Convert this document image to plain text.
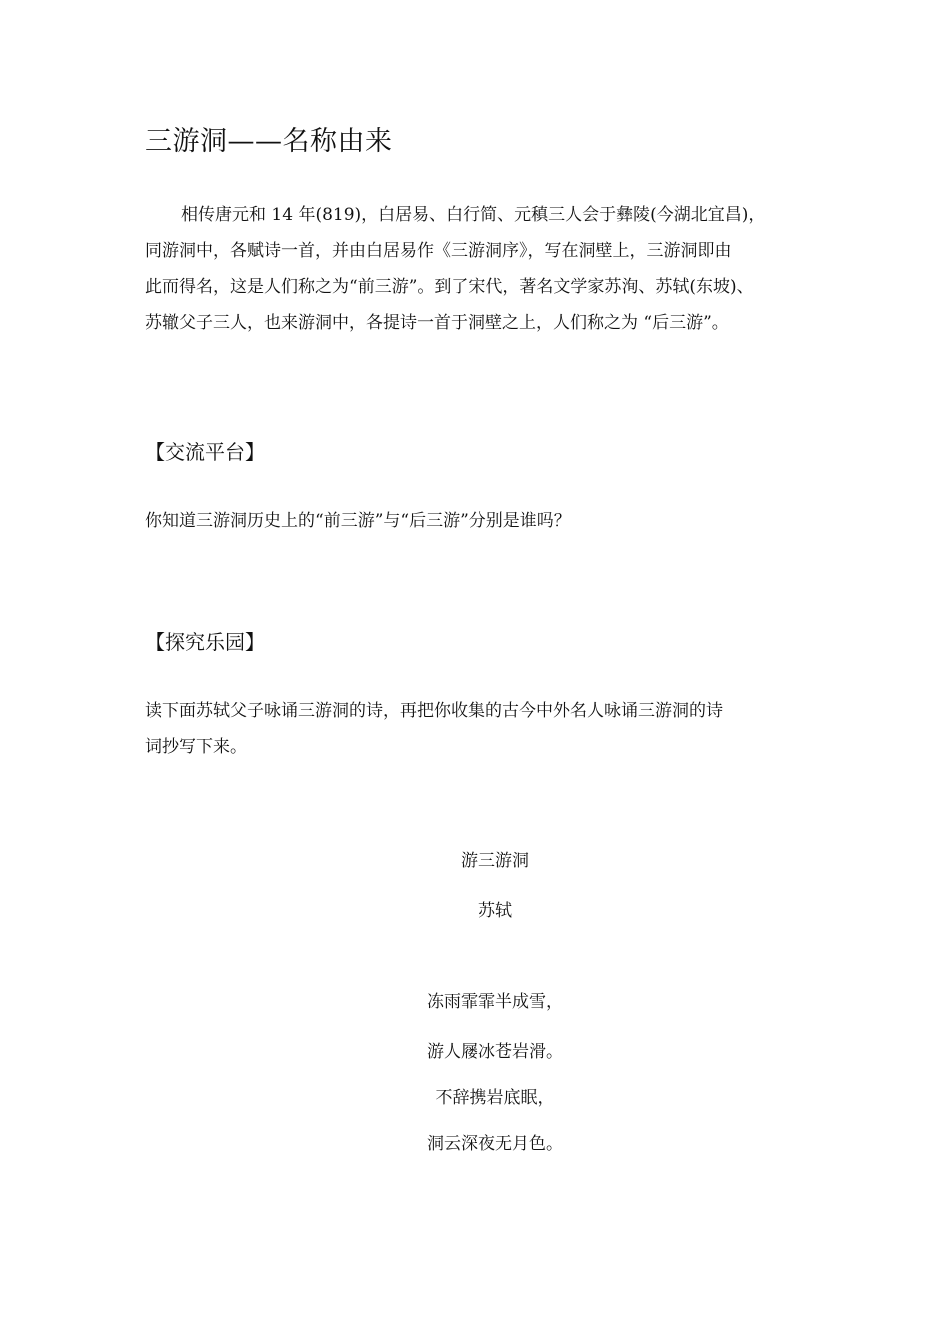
三游洞——名称由来
相传唐元和 14 年(819)，白居易、白行简、元稹三人会于彝陵(今湖北宜昌)，
同游洞中，各赋诗一首，并由白居易作《三游洞序》，写在洞壁上，三游洞即由
此而得名，这是人们称之为“前三游”。到了宋代，著名文学家苏洵、苏轼(东坡)、
苏辙父子三人，也来游洞中，各提诗一首于洞壁之上，人们称之为 “后三游”。
【交流平台】
你知道三游洞历史上的“前三游”与“后三游”分别是谁吗？
【探究乐园】
读下面苏轼父子咏诵三游洞的诗，再把你收集的古今中外名人咏诵三游洞的诗
词抄写下来。
游三游洞
苏轼
冻雨霏霏半成雪，
游人屦冰苍岩滑。
不辞携岩底眠，
洞云深夜无月色。
